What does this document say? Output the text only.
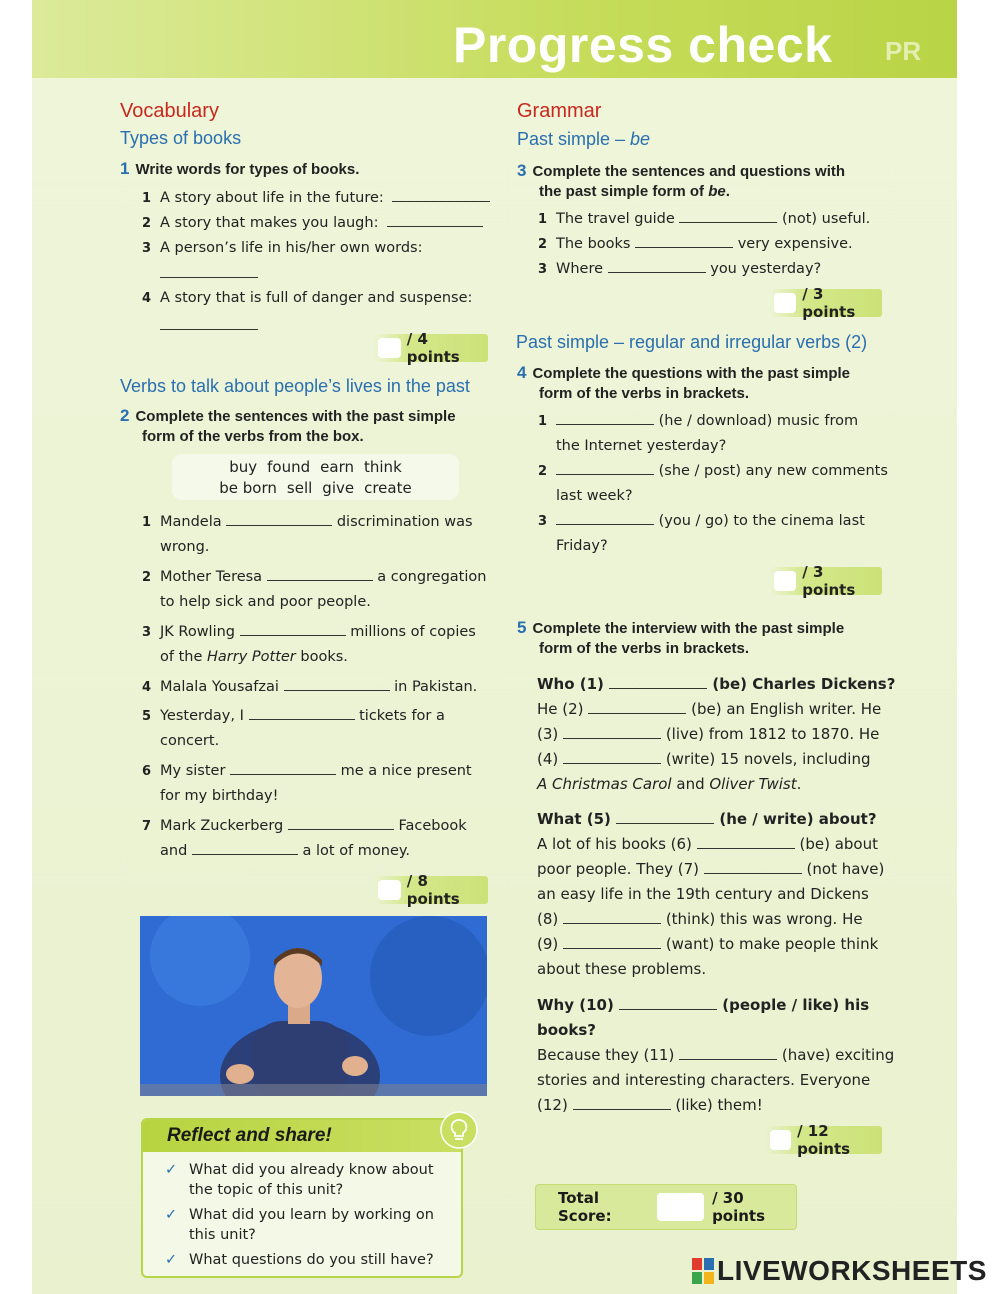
Progress check PR
Vocabulary
Types of books
1 Write words for types of books.
1 A story about life in the future:
2 A story that makes you laugh:
3 A person’s life in his/her own words:
4 A story that is full of danger and suspense:
/ 4 points
Verbs to talk about people’s lives in the past
2 Complete the sentences with the past simple
form of the verbs from the box.
buy found earn think
be born sell give create
1 Mandela	discrimination was
wrong.
2 Mother Teresa	a congregation
to help sick and poor people.
3 JK Rowling	millions of copies
of the Harry Potter books.
4 Malala Yousafzai	in Pakistan.
5 Yesterday, I	tickets for a
concert.
6 My sister	me a nice present
for my birthday!
7 Mark Zuckerberg	Facebook
and	a lot of money.
/ 8 points
Reflect and share!
✓ What did you already know about
the topic of this unit?
✓ What did you learn by working on
this unit?
✓ What questions do you still have?
Grammar
Past simple – be
3 Complete the sentences and questions with
the past simple form of be.
1 The travel guide	(not) useful.
2 The books	very expensive.
3 Where	you yesterday?
/ 3 points
Past simple – regular and irregular verbs (2)
4 Complete the questions with the past simple
form of the verbs in brackets.
1	(he / download) music from
the Internet yesterday?
2	(she / post) any new comments
last week?
3	(you / go) to the cinema last
Friday?
/ 3 points
5 Complete the interview with the past simple
form of the verbs in brackets.
Who (1)	(be) Charles Dickens?
He (2)	(be) an English writer. He
(3)	(live) from 1812 to 1870. He
(4)	(write) 15 novels, including
A Christmas Carol and Oliver Twist.
What (5)	(he / write) about?
A lot of his books (6)	(be) about
poor people. They (7)	(not have)
an easy life in the 19th century and Dickens
(8)	(think) this was wrong. He
(9)	(want) to make people think
about these problems.
Why (10)	(people / like) his
books?
Because they (11)	(have) exciting
stories and interesting characters. Everyone
(12)	(like) them!
/ 12 points
Total Score:
/ 30 points
LIVEWORKSHEETS
